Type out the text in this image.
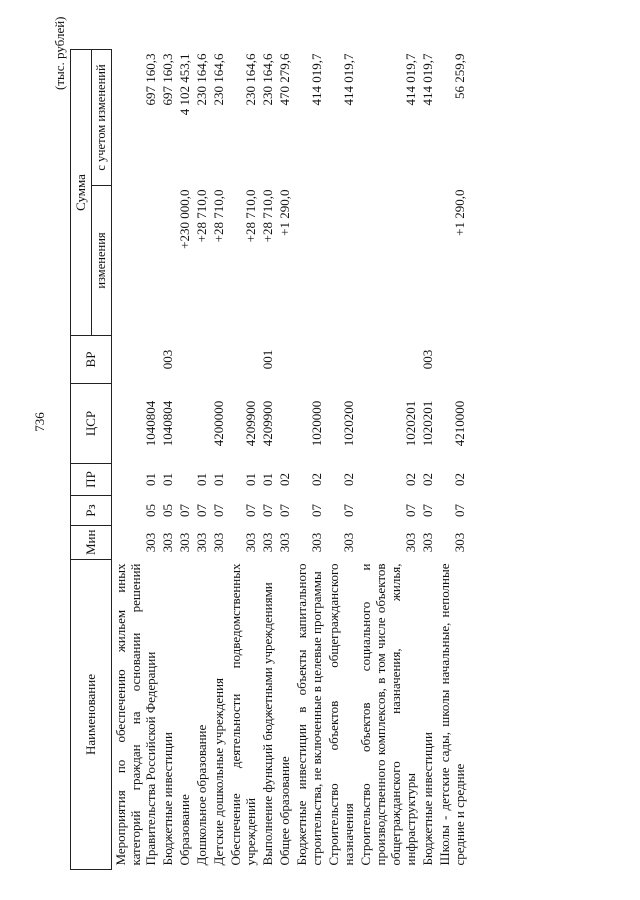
736
(тыс. рублей)
Наименование	Мин	Рз	ПР	ЦСР	ВР	Сумма	
						изменения	с учетом изменений
Мероприятия по обеспечению жильем иных категорий граждан на основании решений Правительства Российской Федерации	303	05	01	1040804			697 160,3
Бюджетные инвестиции	303	05	01	1040804	003		697 160,3
Образование	303	07				+230 000,0	4 102 453,1
Дошкольное образование	303	07	01			+28 710,0	230 164,6
Детские дошкольные учреждения	303	07	01	4200000		+28 710,0	230 164,6
Обеспечение деятельности подведомственных учреждений	303	07	01	4209900		+28 710,0	230 164,6
Выполнение функций бюджетными учреждениями	303	07	01	4209900	001	+28 710,0	230 164,6
Общее образование	303	07	02			+1 290,0	470 279,6
Бюджетные инвестиции в объекты капитального строительства, не включенные в целевые программы	303	07	02	1020000			414 019,7
Строительство объектов общегражданского назначения	303	07	02	1020200			414 019,7
Строительство объектов социального и производственного комплексов, в том числе объектов общегражданского назначения, жилья, инфраструктуры	303	07	02	1020201			414 019,7
Бюджетные инвестиции	303	07	02	1020201	003		414 019,7
Школы - детские сады, школы начальные, неполные средние и средние	303	07	02	4210000		+1 290,0	56 259,9
